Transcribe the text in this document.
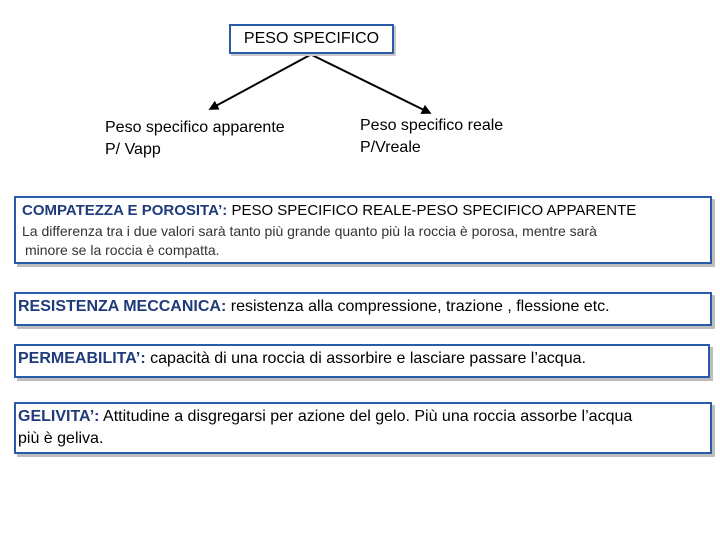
PESO SPECIFICO
Peso specifico apparente
P/ Vapp
Peso specifico reale
P/Vreale
COMPATEZZA E POROSITA’: PESO SPECIFICO REALE-PESO SPECIFICO APPARENTE
La differenza tra i due valori sarà tanto più grande quanto più la roccia è porosa, mentre sarà
minore se la roccia è compatta.
RESISTENZA MECCANICA: resistenza alla compressione, trazione , flessione etc.
PERMEABILITA’: capacità di una roccia di assorbire e lasciare passare l’acqua.
GELIVITA’: Attitudine a disgregarsi per azione del gelo. Più una roccia assorbe l’acqua
più è geliva.
